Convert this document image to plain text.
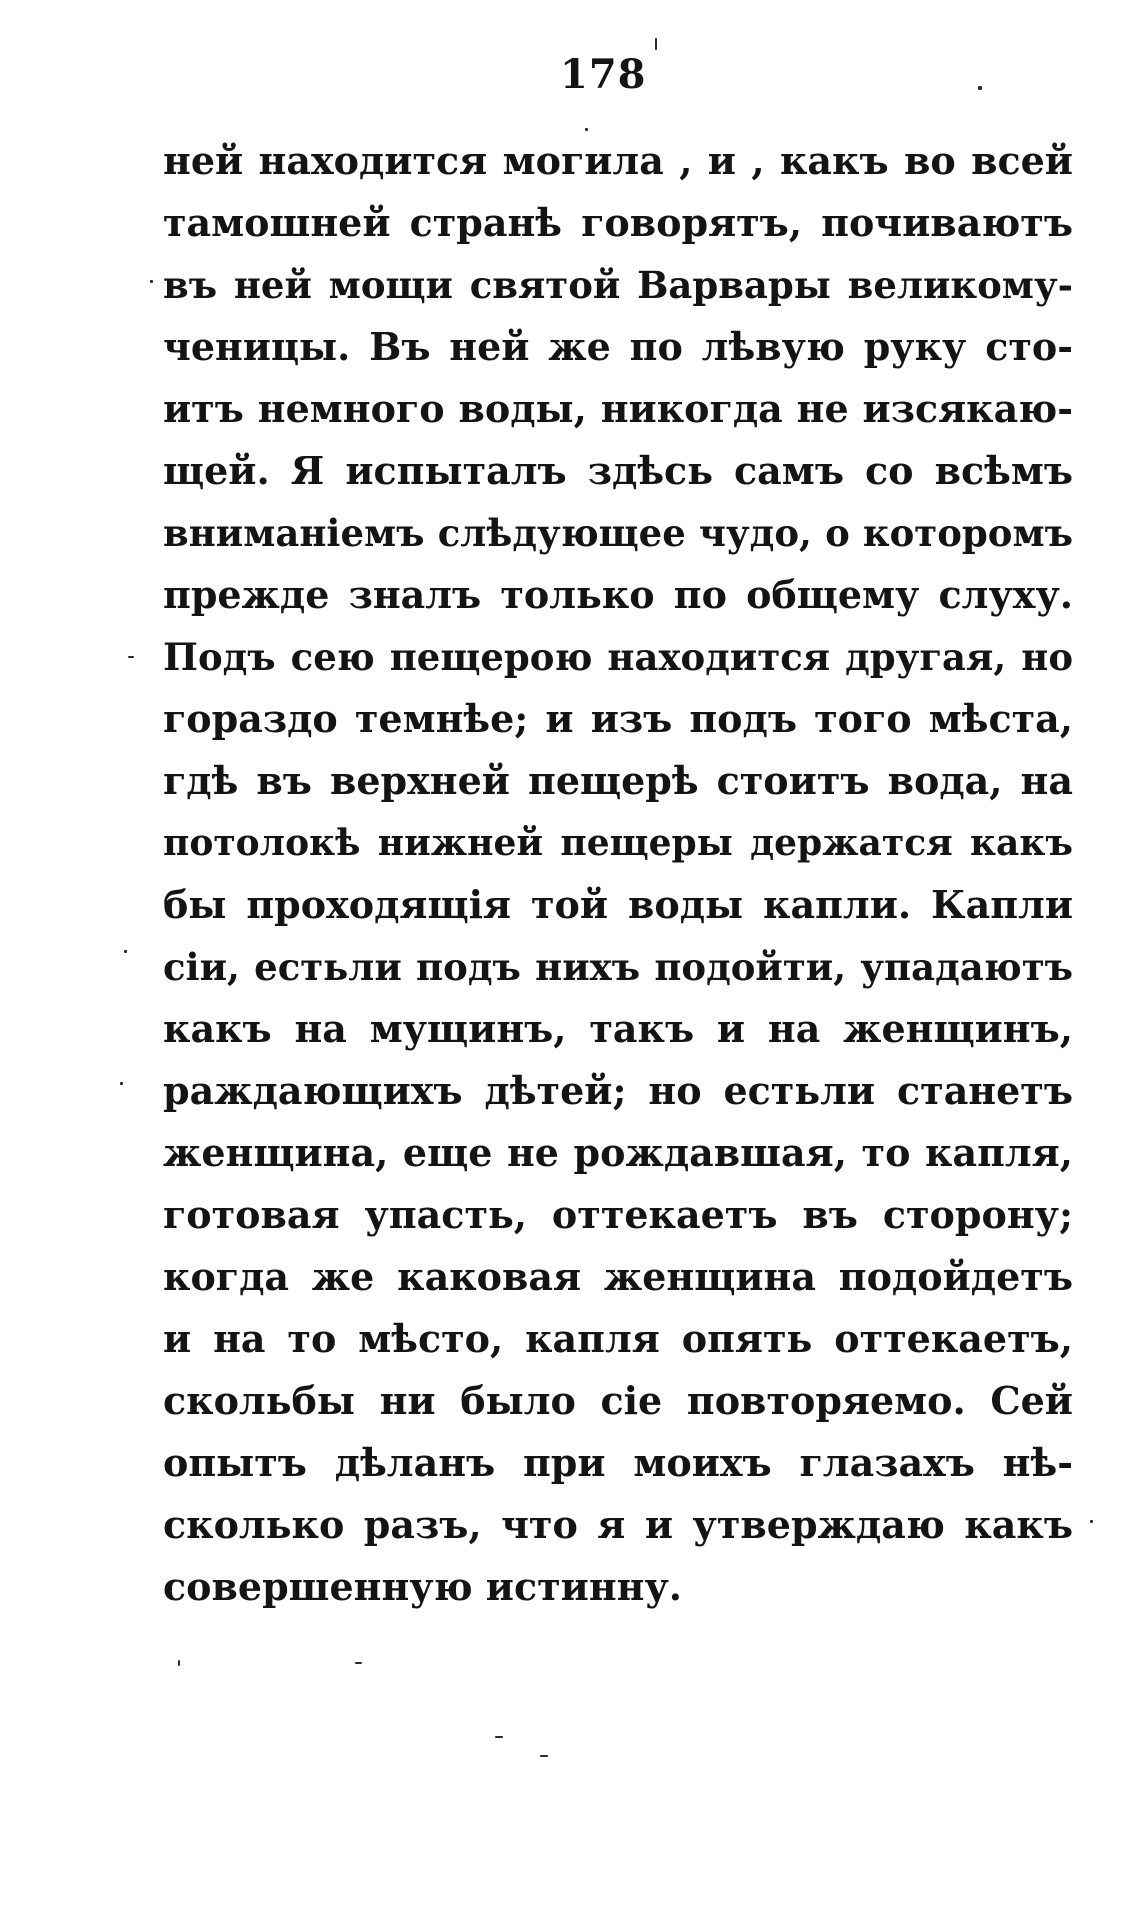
178
ней находится могила , и , какъ во всей
тамошней странѣ говорятъ, почиваютъ
въ ней мощи святой Варвары великому-
ченицы. Въ ней же по лѣвую руку сто-
итъ немного воды, никогда не изсякаю-
щей. Я испыталъ здѣсь самъ со всѣмъ
вниманiемъ слѣдующее чудо, о которомъ
прежде зналъ только по общему слуху.
Подъ сею пещерою находится другая, но
гораздо темнѣе; и изъ подъ того мѣста,
гдѣ въ верхней пещерѣ стоитъ вода, на
потолокѣ нижней пещеры держатся какъ
бы проходящiя той воды капли. Капли
сiи, естьли подъ нихъ подойти, упадаютъ
какъ на мущинъ, такъ и на женщинъ,
раждающихъ дѣтей; но естьли станетъ
женщина, еще не рождавшая, то капля,
готовая упасть, оттекаетъ въ сторону;
когда же каковая женщина подойдетъ
и на то мѣсто, капля опять оттекаетъ,
скольбы ни было сiе повторяемо. Сей
опытъ дѣланъ при моихъ глазахъ нѣ-
сколько разъ, что я и утверждаю какъ
совершенную истинну.
